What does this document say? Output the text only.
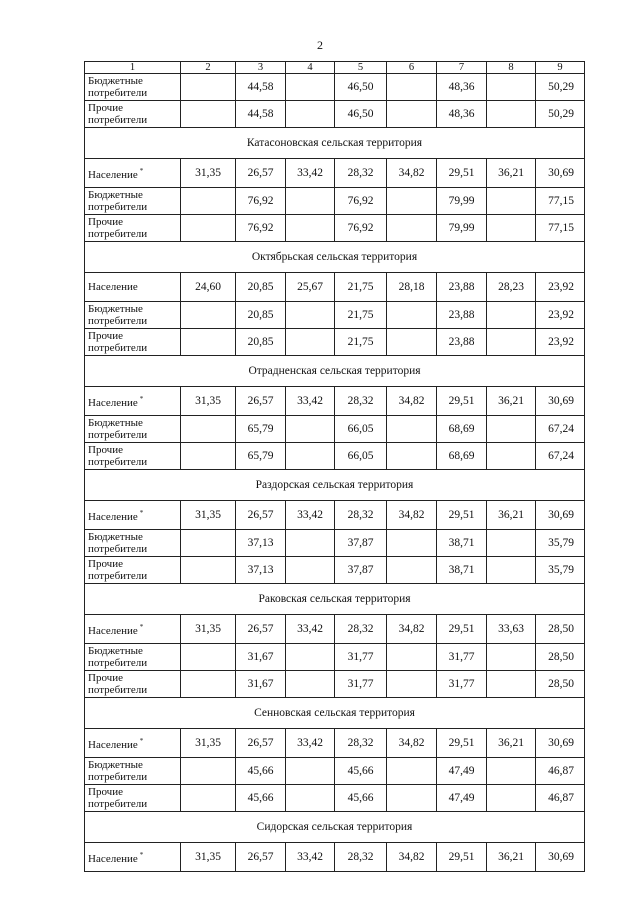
2
1	2	3	4	5	6	7	8	9
Бюджетные потребители		44,58		46,50		48,36		50,29
Прочие потребители		44,58		46,50		48,36		50,29
Катасоновская сельская территория								
Население *	31,35	26,57	33,42	28,32	34,82	29,51	36,21	30,69
Бюджетные потребители		76,92		76,92		79,99		77,15
Прочие потребители		76,92		76,92		79,99		77,15
Октябрьская сельская территория								
Население	24,60	20,85	25,67	21,75	28,18	23,88	28,23	23,92
Бюджетные потребители		20,85		21,75		23,88		23,92
Прочие потребители		20,85		21,75		23,88		23,92
Отрадненская сельская территория								
Население *	31,35	26,57	33,42	28,32	34,82	29,51	36,21	30,69
Бюджетные потребители		65,79		66,05		68,69		67,24
Прочие потребители		65,79		66,05		68,69		67,24
Раздорская сельская территория								
Население *	31,35	26,57	33,42	28,32	34,82	29,51	36,21	30,69
Бюджетные потребители		37,13		37,87		38,71		35,79
Прочие потребители		37,13		37,87		38,71		35,79
Раковская сельская территория								
Население *	31,35	26,57	33,42	28,32	34,82	29,51	33,63	28,50
Бюджетные потребители		31,67		31,77		31,77		28,50
Прочие потребители		31,67		31,77		31,77		28,50
Сенновская сельская территория								
Население *	31,35	26,57	33,42	28,32	34,82	29,51	36,21	30,69
Бюджетные потребители		45,66		45,66		47,49		46,87
Прочие потребители		45,66		45,66		47,49		46,87
Сидорская сельская территория								
Население *	31,35	26,57	33,42	28,32	34,82	29,51	36,21	30,69
